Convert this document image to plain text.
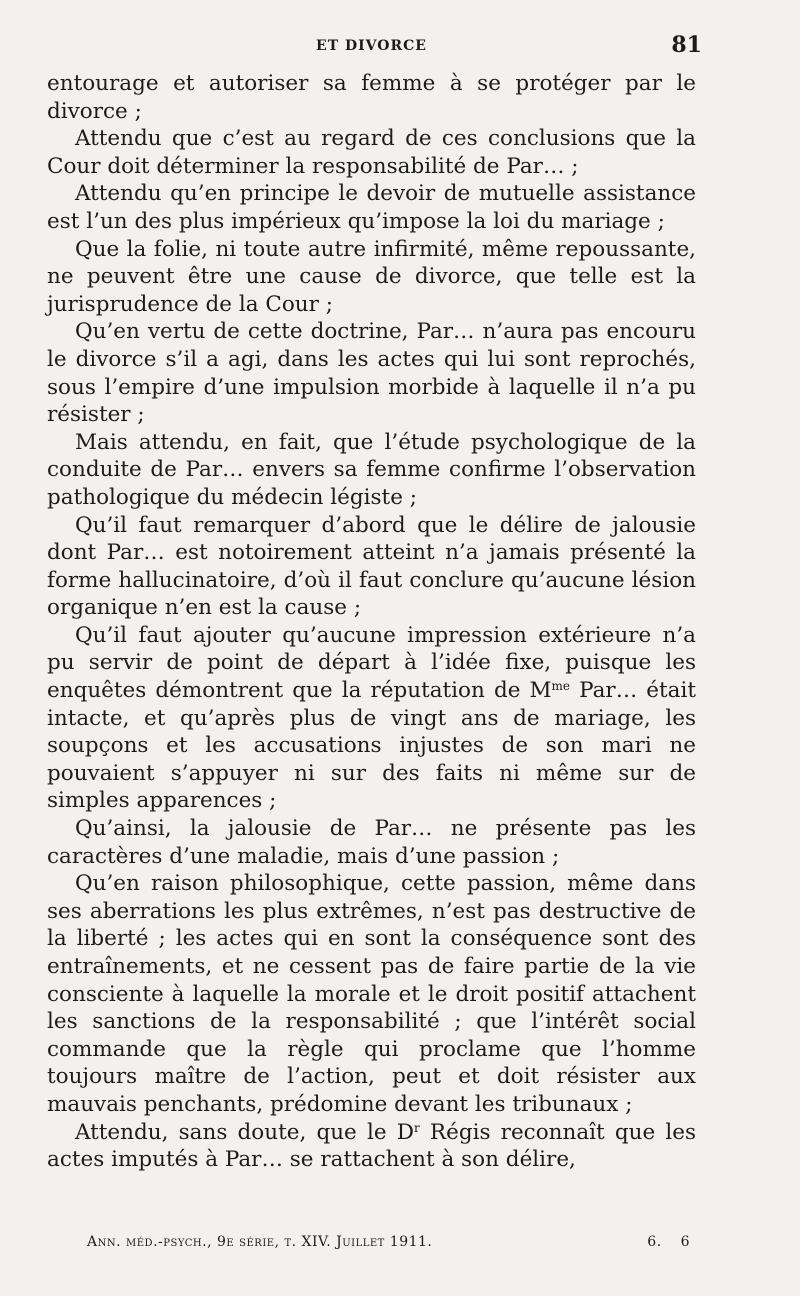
ET DIVORCE	81

entourage et autoriser sa femme à se protéger par le divorce ;

Attendu que c’est au regard de ces conclusions que la Cour doit déterminer la responsabilité de Par… ;

Attendu qu’en principe le devoir de mutuelle assistance est l’un des plus impérieux qu’impose la loi du mariage ;

Que la folie, ni toute autre infirmité, même repoussante, ne peuvent être une cause de divorce, que telle est la jurisprudence de la Cour ;

Qu’en vertu de cette doctrine, Par… n’aura pas encouru le divorce s’il a agi, dans les actes qui lui sont reprochés, sous l’empire d’une impulsion morbide à laquelle il n’a pu résister ;

Mais attendu, en fait, que l’étude psychologique de la conduite de Par… envers sa femme confirme l’observation pathologique du médecin légiste ;

Qu’il faut remarquer d’abord que le délire de jalousie dont Par… est notoirement atteint n’a jamais présenté la forme hallucinatoire, d’où il faut conclure qu’aucune lésion organique n’en est la cause ;

Qu’il faut ajouter qu’aucune impression extérieure n’a pu servir de point de départ à l’idée fixe, puisque les enquêtes démontrent que la réputation de $M^{me}$ Par… était intacte, et qu’après plus de vingt ans de mariage, les soupçons et les accusations injustes de son mari ne pouvaient s’appuyer ni sur des faits ni même sur de simples apparences ;

Qu’ainsi, la jalousie de Par… ne présente pas les caractères d’une maladie, mais d’une passion ;

Qu’en raison philosophique, cette passion, même dans ses aberrations les plus extrêmes, n’est pas destructive de la liberté ; les actes qui en sont la conséquence sont des entraînements, et ne cessent pas de faire partie de la vie consciente à laquelle la morale et le droit positif attachent les sanctions de la responsabilité ; que l’intérêt social commande que la règle qui proclame que l’homme toujours maître de l’action, peut et doit résister aux mauvais penchants, prédomine devant les tribunaux ;

Attendu, sans doute, que le $D^r$ Régis reconnaît que les actes imputés à Par… se rattachent à son délire,

Ann. méd.-psych., 9e série, t. XIV. Juillet 1911.	6. 6
